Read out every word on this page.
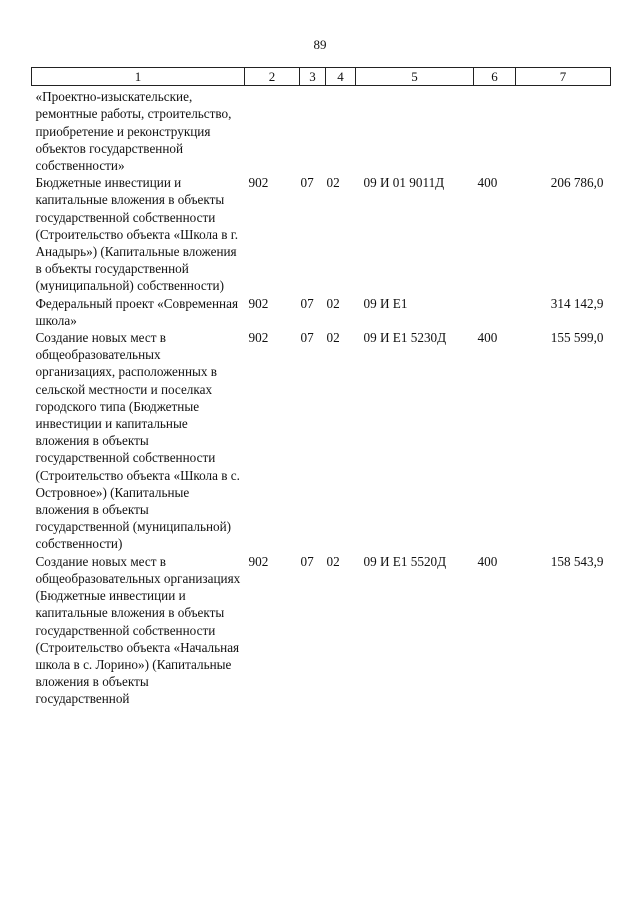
89
1	2	3	4	5	6	7
«Проектно-изыскательские, ремонтные работы, строительство, приобретение и реконструкция объектов государственной собственности»						
Бюджетные инвестиции и капитальные вложения в объекты государственной собственности (Строительство объекта «Школа в г. Анадырь») (Капитальные вложения в объекты государственной (муниципальной) собственности)	902	07	02	09 И 01 9011Д	400	206 786,0
Федеральный проект «Современная школа»	902	07	02	09 И E1		314 142,9
Создание новых мест в общеобразовательных организациях, расположенных в сельской местности и поселках городского типа (Бюджетные инвестиции и капитальные вложения в объекты государственной собственности (Строительство объекта «Школа в с. Островное») (Капитальные вложения в объекты государственной (муниципальной) собственности)	902	07	02	09 И E1 5230Д	400	155 599,0
Создание новых мест в общеобразовательных организациях (Бюджетные инвестиции и капитальные вложения в объекты государственной собственности (Строительство объекта «Начальная школа в с. Лорино») (Капитальные вложения в объекты государственной	902	07	02	09 И E1 5520Д	400	158 543,9
